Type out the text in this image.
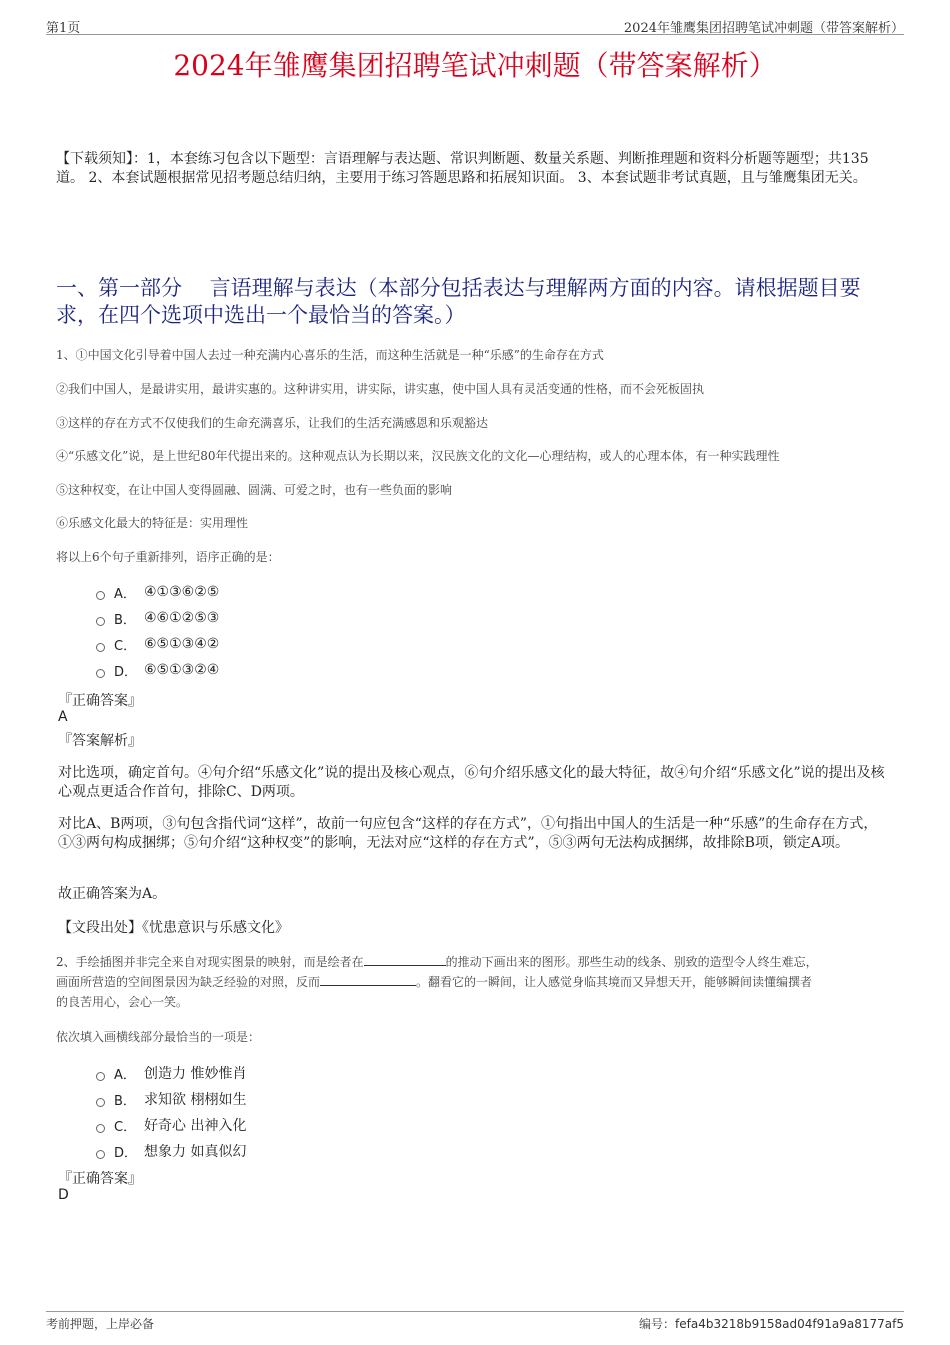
第1页	2024年雏鹰集团招聘笔试冲刺题（带答案解析）
2024年雏鹰集团招聘笔试冲刺题（带答案解析）
【下载须知】：1，本套练习包含以下题型：言语理解与表达题、常识判断题、数量关系题、判断推理题和资料分析题等题型；共135道。 2、本套试题根据常见招考题总结归纳，主要用于练习答题思路和拓展知识面。 3、本套试题非考试真题，且与雏鹰集团无关。
一、第一部分　 言语理解与表达（本部分包括表达与理解两方面的内容。请根据题目要求，在四个选项中选出一个最恰当的答案。）
1、①中国文化引导着中国人去过一种充满内心喜乐的生活，而这种生活就是一种“乐感”的生命存在方式
②我们中国人，是最讲实用，最讲实惠的。这种讲实用，讲实际，讲实惠，使中国人具有灵活变通的性格，而不会死板固执
③这样的存在方式不仅使我们的生命充满喜乐，让我们的生活充满感恩和乐观豁达
④“乐感文化”说，是上世纪80年代提出来的。这种观点认为长期以来，汉民族文化的文化—心理结构，或人的心理本体，有一种实践理性
⑤这种权变，在让中国人变得圆融、圆满、可爱之时，也有一些负面的影响
⑥乐感文化最大的特征是：实用理性
将以上6个句子重新排列，语序正确的是：
A． ④①③⑥②⑤
B． ④⑥①②⑤③
C． ⑥⑤①③④②
D． ⑥⑤①③②④
『正确答案』
A
『答案解析』
对比选项，确定首句。④句介绍“乐感文化”说的提出及核心观点，⑥句介绍乐感文化的最大特征，故④句介绍“乐感文化”说的提出及核心观点更适合作首句，排除C、D两项。
对比A、B两项，③句包含指代词“这样”，故前一句应包含“这样的存在方式”，①句指出中国人的生活是一种“乐感”的生命存在方式，①③两句构成捆绑；⑤句介绍“这种权变”的影响，无法对应“这样的存在方式”，⑤③两句无法构成捆绑，故排除B项，锁定A项。
故正确答案为A。
【文段出处】《忧患意识与乐感文化》
2、手绘插图并非完全来自对现实图景的映射，而是绘者在	的推动下画出来的图形。那些生动的线条、别致的造型令人终生难忘，
画面所营造的空间图景因为缺乏经验的对照，反而	。翻看它的一瞬间，让人感觉身临其境而又异想天开，能够瞬间读懂编撰者
的良苦用心，会心一笑。
依次填入画横线部分最恰当的一项是：
A． 创造力 惟妙惟肖
B． 求知欲 栩栩如生
C． 好奇心 出神入化
D． 想象力 如真似幻
『正确答案』
D
考前押题，上岸必备	编号：fefa4b3218b9158ad04f91a9a8177af5
